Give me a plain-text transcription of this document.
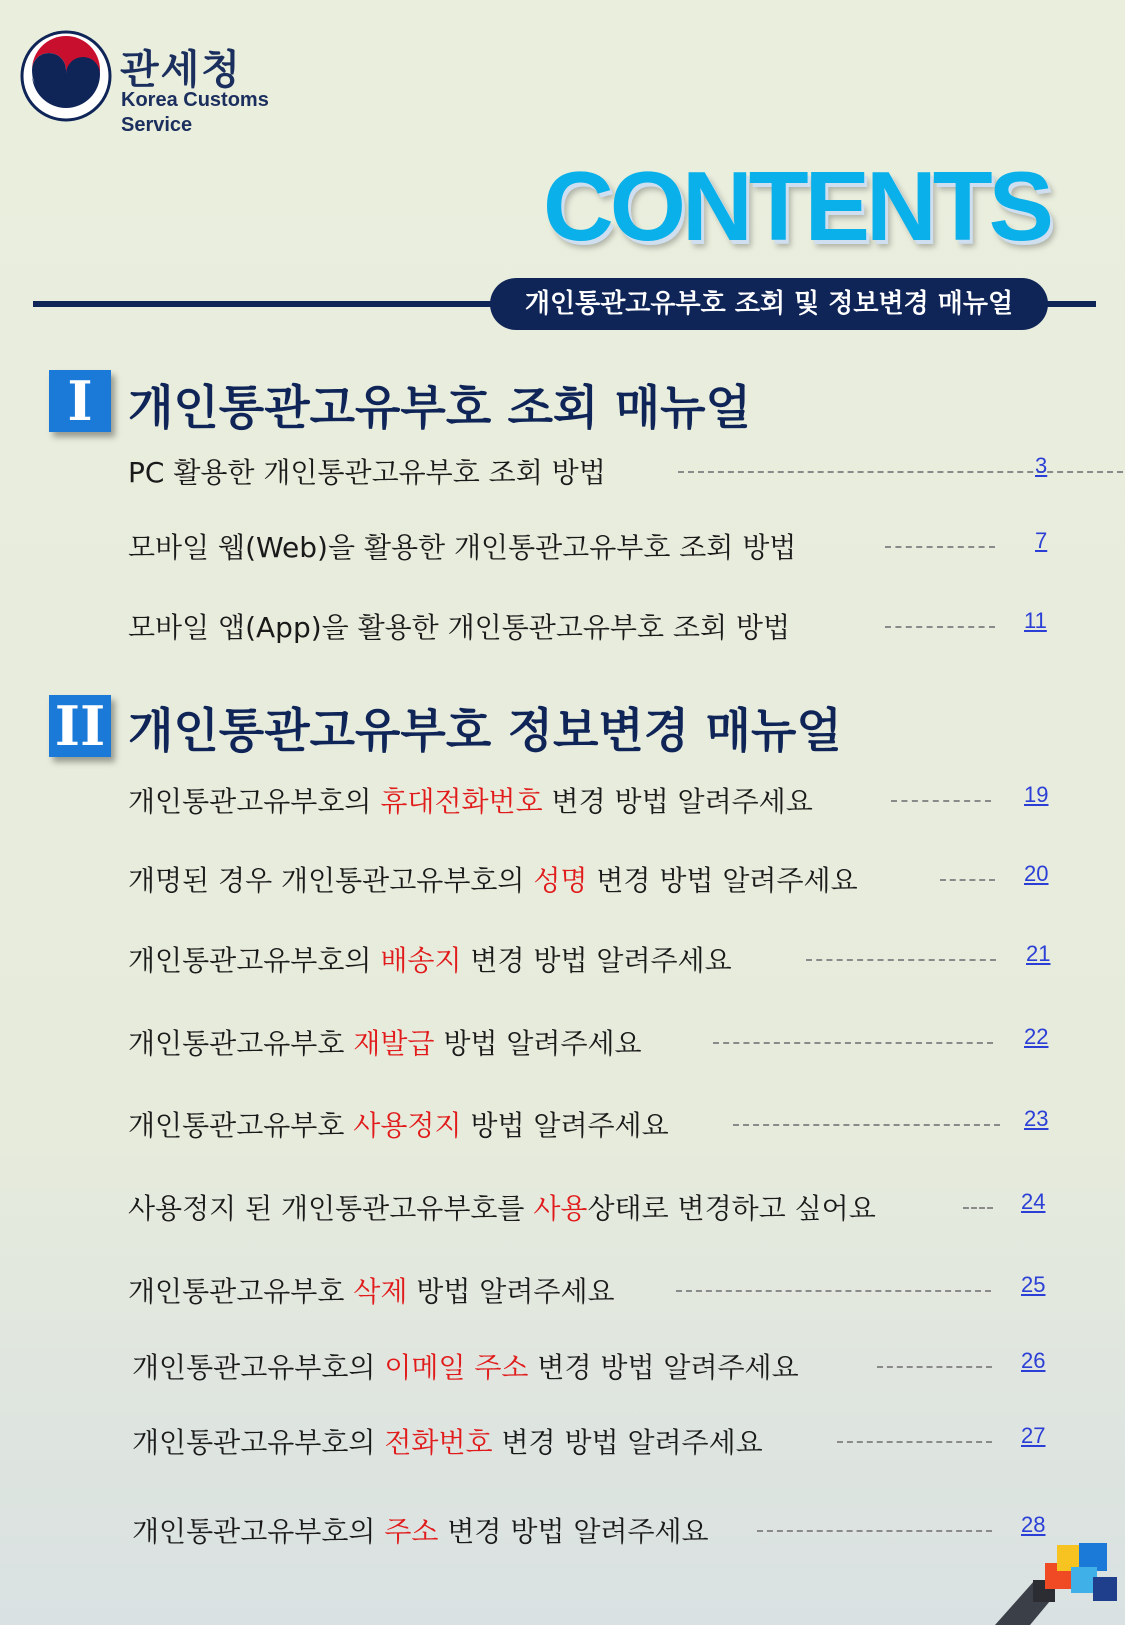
관세청
Korea Customs
Service
CONTENTS
개인통관고유부호 조회 및 정보변경 매뉴얼
I 개인통관고유부호 조회 매뉴얼
PC 활용한 개인통관고유부호 조회 방법	3
모바일 웹(Web)을 활용한 개인통관고유부호 조회 방법	7
모바일 앱(App)을 활용한 개인통관고유부호 조회 방법	11
II 개인통관고유부호 정보변경 매뉴얼
개인통관고유부호의 휴대전화번호 변경 방법 알려주세요	19
개명된 경우 개인통관고유부호의 성명 변경 방법 알려주세요	20
개인통관고유부호의 배송지 변경 방법 알려주세요	21
개인통관고유부호 재발급 방법 알려주세요	22
개인통관고유부호 사용정지 방법 알려주세요	23
사용정지 된 개인통관고유부호를 사용상태로 변경하고 싶어요	24
개인통관고유부호 삭제 방법 알려주세요	25
개인통관고유부호의 이메일 주소 변경 방법 알려주세요	26
개인통관고유부호의 전화번호 변경 방법 알려주세요	27
개인통관고유부호의 주소 변경 방법 알려주세요	28
